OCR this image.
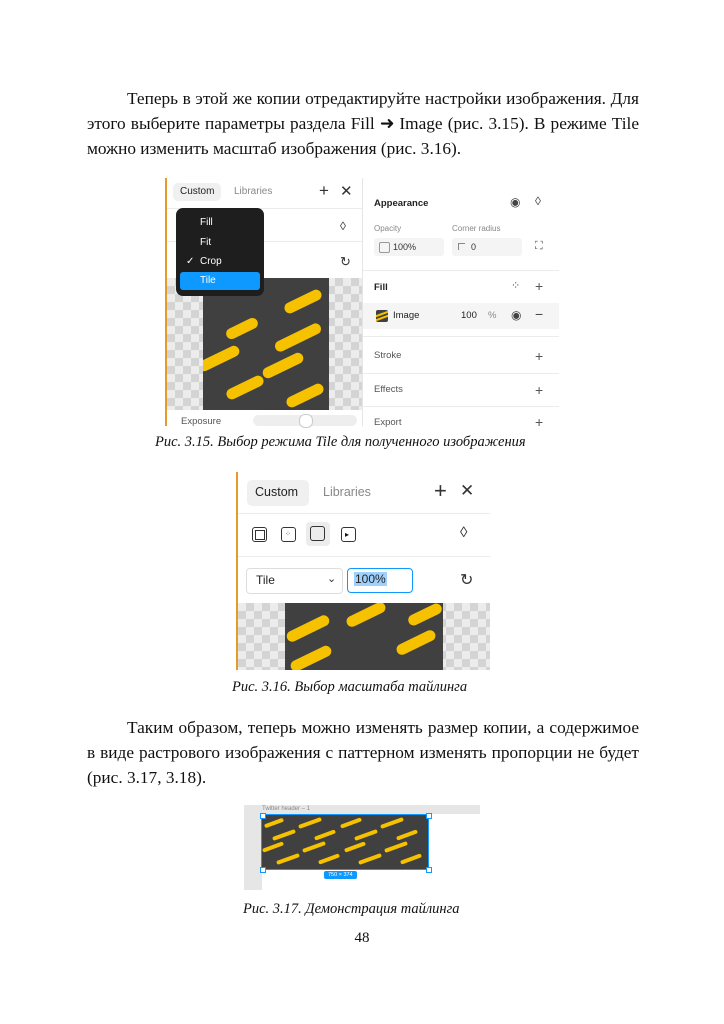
Теперь в этой же копии отредактируйте настройки изображения. Для этого выберите параметры раздела Fill ➜ Image (рис. 3.15). В режиме Tile можно изменить масштаб изображения (рис. 3.16).

Custom Libraries	+ ✕
◊
↻
Exposure
Fill
Fit
✓ Crop
Tile
Appearance	◉ ◊
Opacity	Corner radius
100%	0	⛶
Fill	⁘ +
Image	100 % ◉ −
Stroke	+
Effects	+
Export	+
Рис. 3.15. Выбор режима Tile для полученного изображения
Custom Libraries	+ ✕
⁘	▸	◊
Tile	⌄ 100%	↻
Рис. 3.16. Выбор масштаба тайлинга

Таким образом, теперь можно изменять размер копии, а содержимое в виде растрового изображения с паттерном изменять пропорции не будет (рис. 3.17, 3.18).

Twitter header – 1
750 × 374
Рис. 3.17. Демонстрация тайлинга
48
